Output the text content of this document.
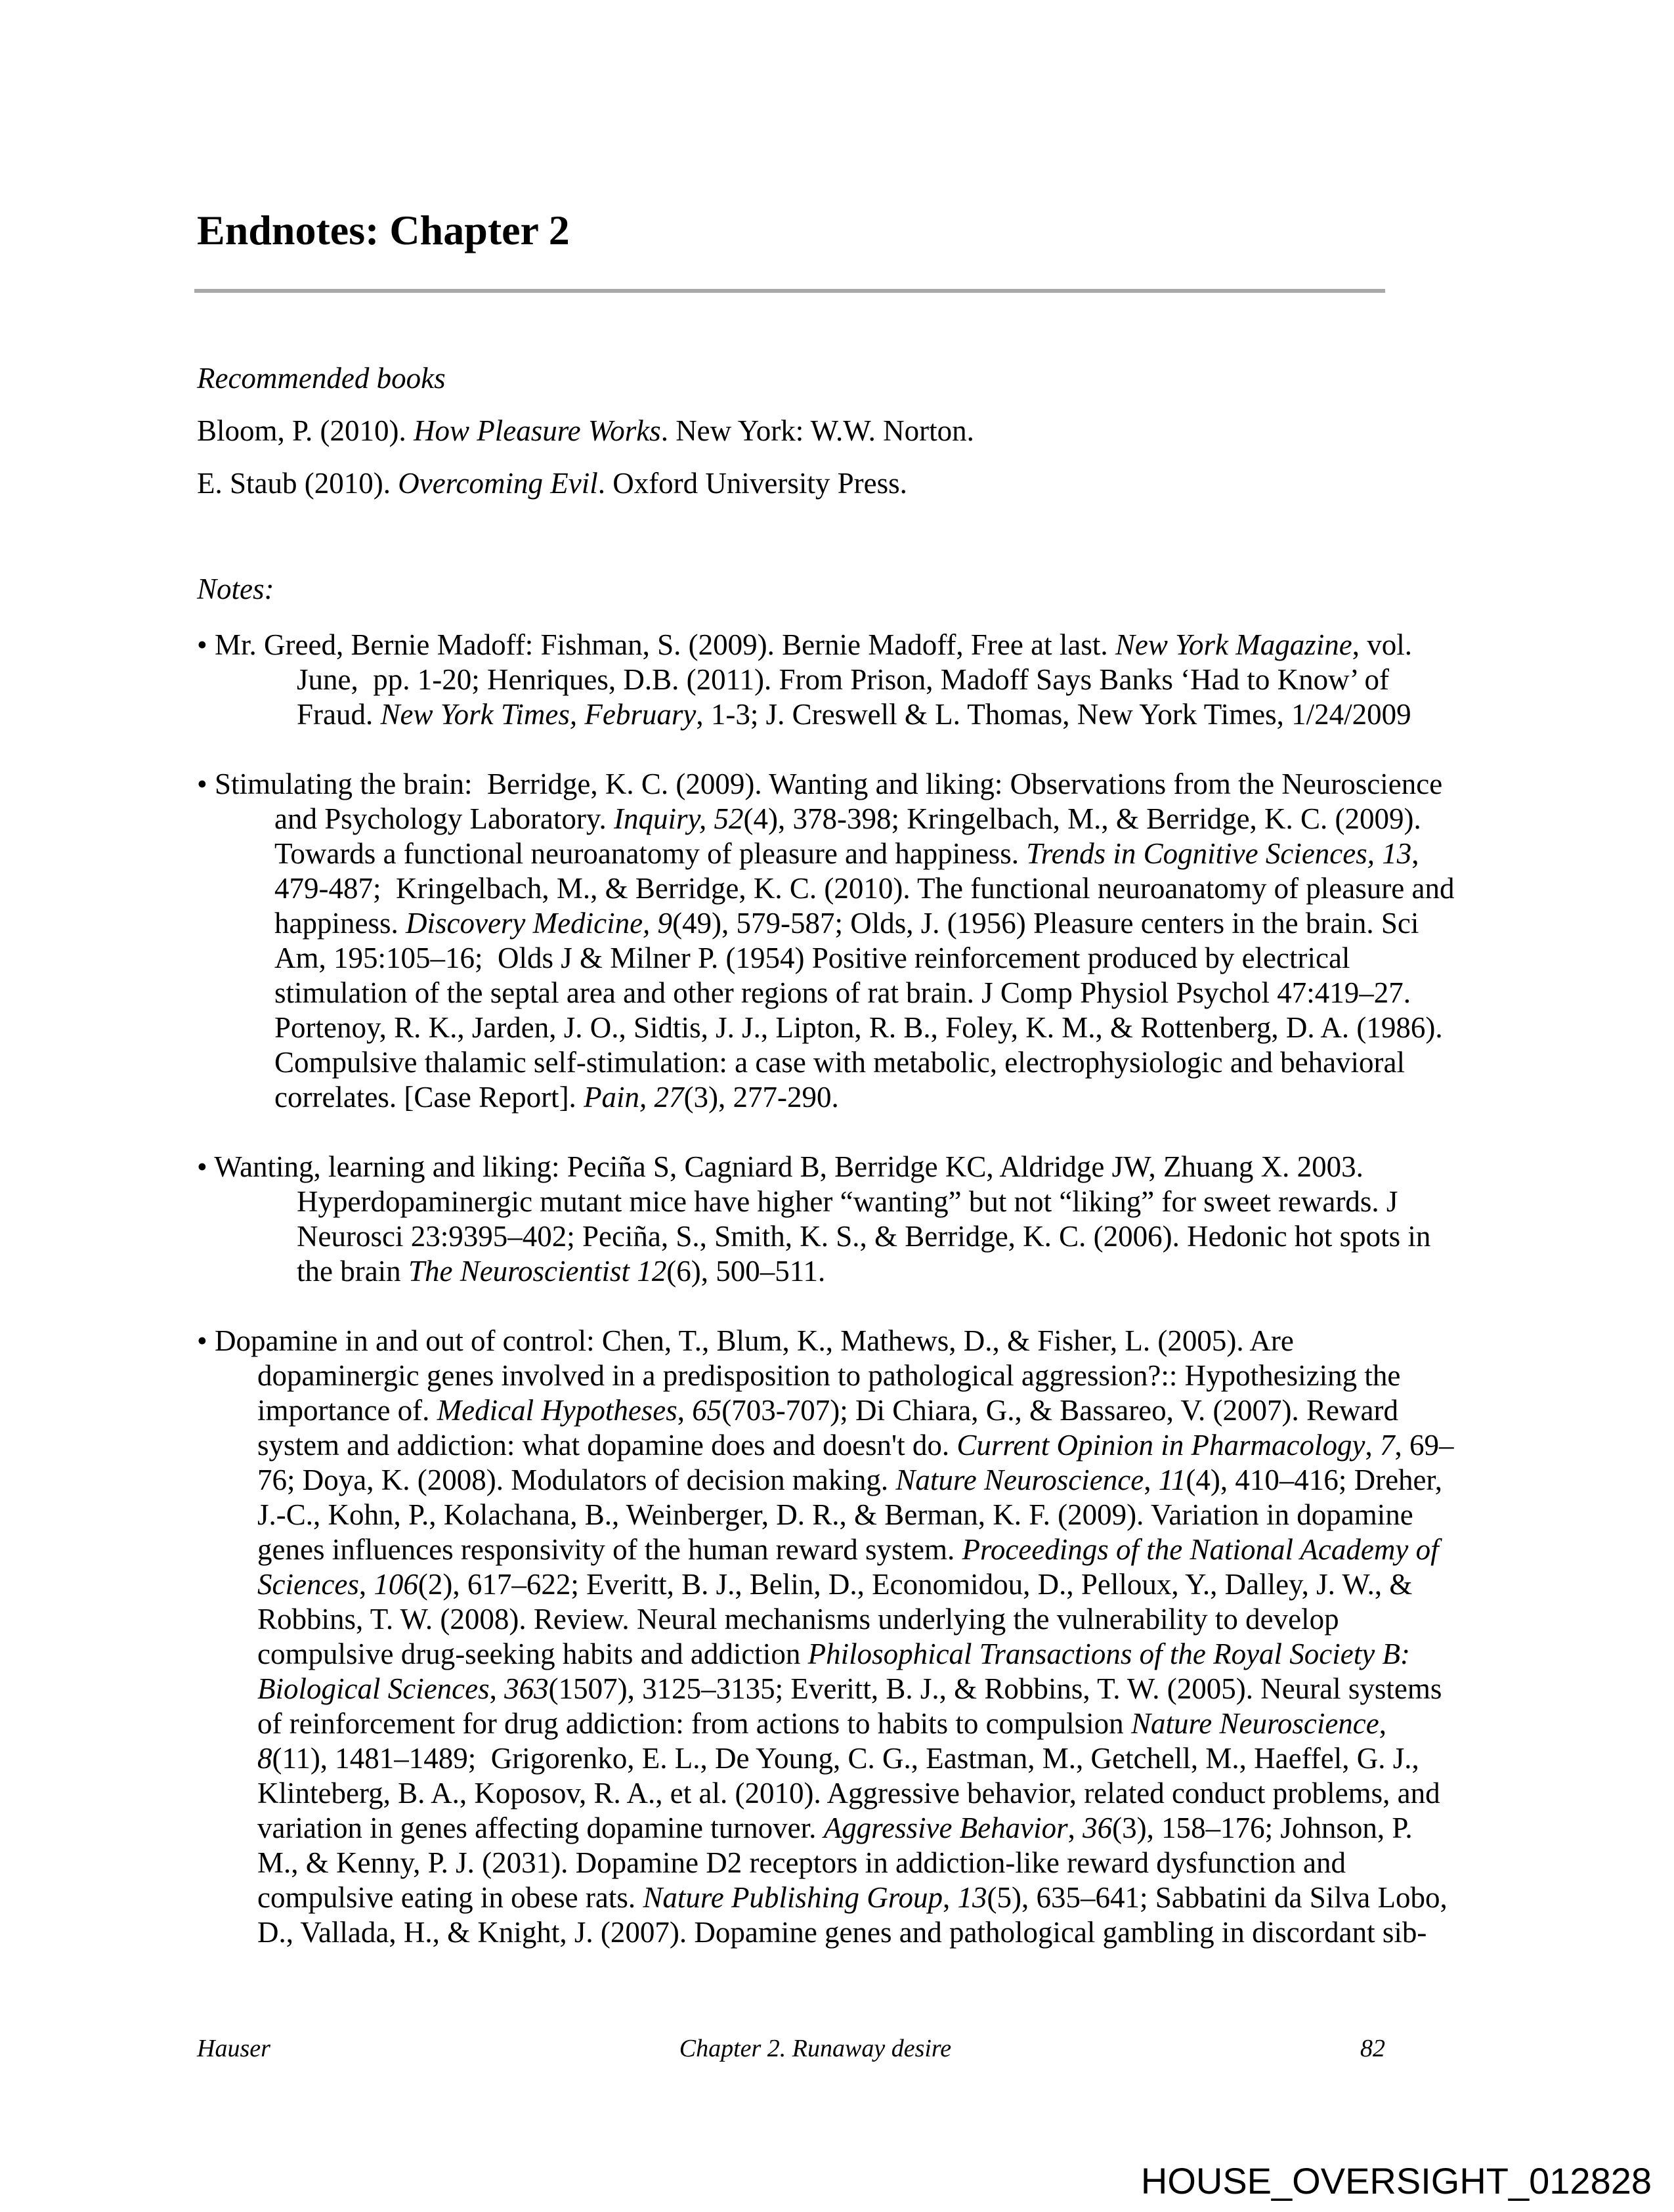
Endnotes: Chapter 2
Recommended books
Bloom, P. (2010). How Pleasure Works. New York: W.W. Norton.
E. Staub (2010). Overcoming Evil. Oxford University Press.
Notes:
• Mr. Greed, Bernie Madoff: Fishman, S. (2009). Bernie Madoff, Free at last. New York Magazine, vol.
June,  pp. 1-20; Henriques, D.B. (2011). From Prison, Madoff Says Banks ‘Had to Know’ of
Fraud. New York Times, February, 1-3; J. Creswell & L. Thomas, New York Times, 1/24/2009
• Stimulating the brain:  Berridge, K. C. (2009). Wanting and liking: Observations from the Neuroscience
and Psychology Laboratory. Inquiry, 52(4), 378-398; Kringelbach, M., & Berridge, K. C. (2009).
Towards a functional neuroanatomy of pleasure and happiness. Trends in Cognitive Sciences, 13,
479-487;  Kringelbach, M., & Berridge, K. C. (2010). The functional neuroanatomy of pleasure and
happiness. Discovery Medicine, 9(49), 579-587; Olds, J. (1956) Pleasure centers in the brain. Sci
Am, 195:105–16;  Olds J & Milner P. (1954) Positive reinforcement produced by electrical
stimulation of the septal area and other regions of rat brain. J Comp Physiol Psychol 47:419–27.
Portenoy, R. K., Jarden, J. O., Sidtis, J. J., Lipton, R. B., Foley, K. M., & Rottenberg, D. A. (1986).
Compulsive thalamic self-stimulation: a case with metabolic, electrophysiologic and behavioral
correlates. [Case Report]. Pain, 27(3), 277-290.
• Wanting, learning and liking: Peciña S, Cagniard B, Berridge KC, Aldridge JW, Zhuang X. 2003.
Hyperdopaminergic mutant mice have higher “wanting” but not “liking” for sweet rewards. J
Neurosci 23:9395–402; Peciña, S., Smith, K. S., & Berridge, K. C. (2006). Hedonic hot spots in
the brain The Neuroscientist 12(6), 500–511.
• Dopamine in and out of control: Chen, T., Blum, K., Mathews, D., & Fisher, L. (2005). Are
dopaminergic genes involved in a predisposition to pathological aggression?:: Hypothesizing the
importance of. Medical Hypotheses, 65(703-707); Di Chiara, G., & Bassareo, V. (2007). Reward
system and addiction: what dopamine does and doesn't do. Current Opinion in Pharmacology, 7, 69–
76; Doya, K. (2008). Modulators of decision making. Nature Neuroscience, 11(4), 410–416; Dreher,
J.-C., Kohn, P., Kolachana, B., Weinberger, D. R., & Berman, K. F. (2009). Variation in dopamine
genes influences responsivity of the human reward system. Proceedings of the National Academy of
Sciences, 106(2), 617–622; Everitt, B. J., Belin, D., Economidou, D., Pelloux, Y., Dalley, J. W., &
Robbins, T. W. (2008). Review. Neural mechanisms underlying the vulnerability to develop
compulsive drug-seeking habits and addiction Philosophical Transactions of the Royal Society B:
Biological Sciences, 363(1507), 3125–3135; Everitt, B. J., & Robbins, T. W. (2005). Neural systems
of reinforcement for drug addiction: from actions to habits to compulsion Nature Neuroscience,
8(11), 1481–1489;  Grigorenko, E. L., De Young, C. G., Eastman, M., Getchell, M., Haeffel, G. J.,
Klinteberg, B. A., Koposov, R. A., et al. (2010). Aggressive behavior, related conduct problems, and
variation in genes affecting dopamine turnover. Aggressive Behavior, 36(3), 158–176; Johnson, P.
M., & Kenny, P. J. (2031). Dopamine D2 receptors in addiction-like reward dysfunction and
compulsive eating in obese rats. Nature Publishing Group, 13(5), 635–641; Sabbatini da Silva Lobo,
D., Vallada, H., & Knight, J. (2007). Dopamine genes and pathological gambling in discordant sib-
Hauser	Chapter 2. Runaway desire	82
HOUSE_OVERSIGHT_012828
